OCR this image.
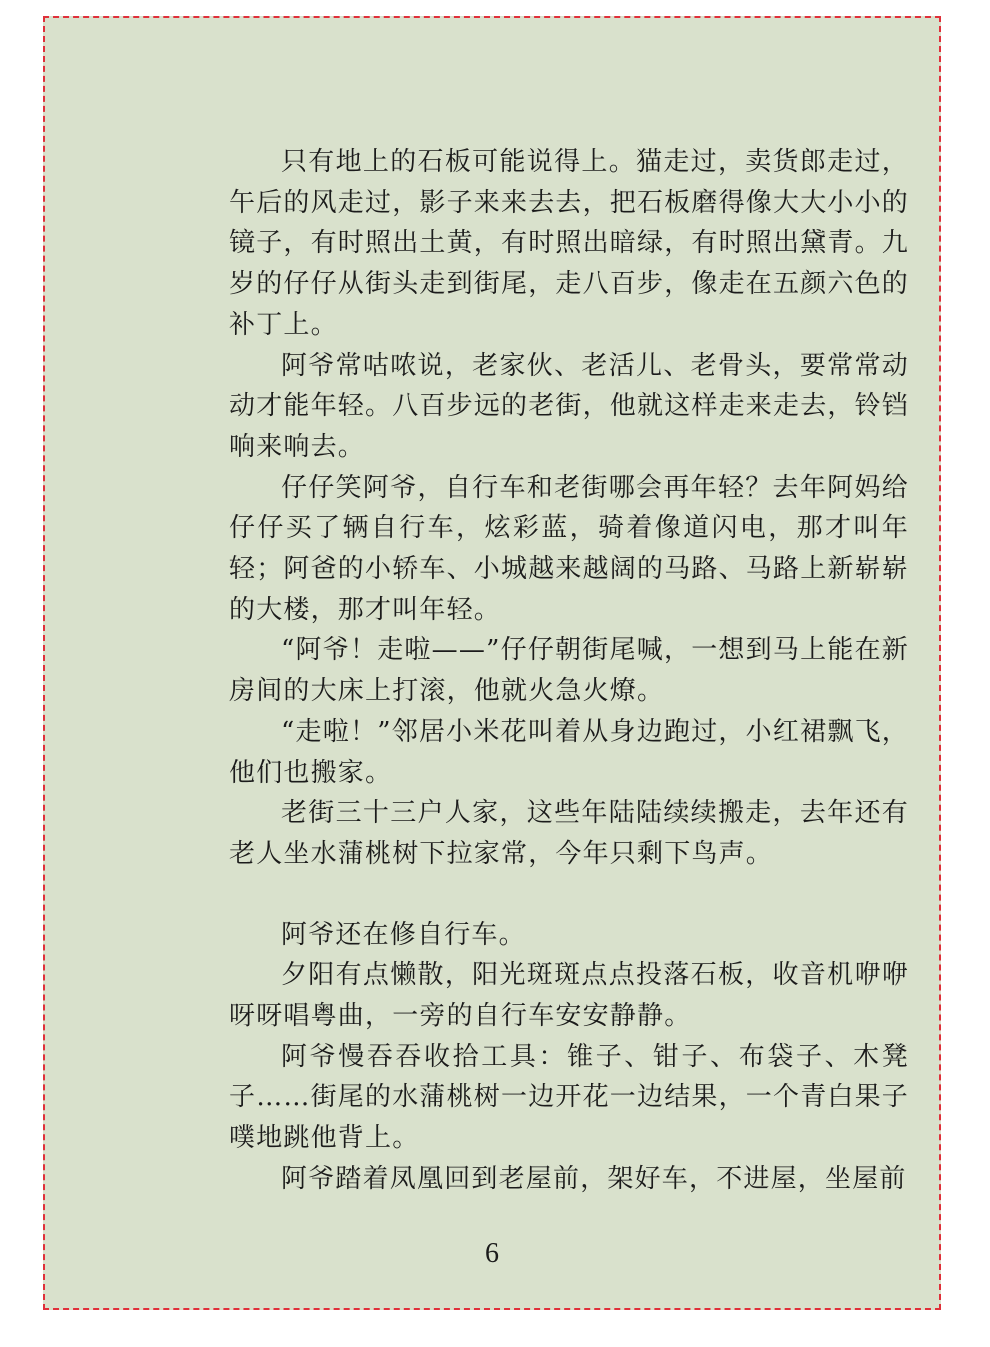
只有地上的石板可能说得上。猫走过，卖货郎走过，午后的风走过，影子来来去去，把石板磨得像大大小小的镜子，有时照出土黄，有时照出暗绿，有时照出黛青。九岁的仔仔从街头走到街尾，走八百步，像走在五颜六色的补丁上。

阿爷常咕哝说，老家伙、老活儿、老骨头，要常常动动才能年轻。八百步远的老街，他就这样走来走去，铃铛响来响去。

仔仔笑阿爷，自行车和老街哪会再年轻？去年阿妈给仔仔买了辆自行车，炫彩蓝，骑着像道闪电，那才叫年轻；阿爸的小轿车、小城越来越阔的马路、马路上新崭崭的大楼，那才叫年轻。

“阿爷！走啦——”仔仔朝街尾喊，一想到马上能在新房间的大床上打滚，他就火急火燎。

“走啦！”邻居小米花叫着从身边跑过，小红裙飘飞，他们也搬家。

老街三十三户人家，这些年陆陆续续搬走，去年还有老人坐水蒲桃树下拉家常，今年只剩下鸟声。

阿爷还在修自行车。

夕阳有点懒散，阳光斑斑点点投落石板，收音机咿咿呀呀唱粤曲，一旁的自行车安安静静。

阿爷慢吞吞收拾工具：锥子、钳子、布袋子、木凳子……街尾的水蒲桃树一边开花一边结果，一个青白果子噗地跳他背上。

阿爷踏着凤凰回到老屋前，架好车，不进屋，坐屋前

6
